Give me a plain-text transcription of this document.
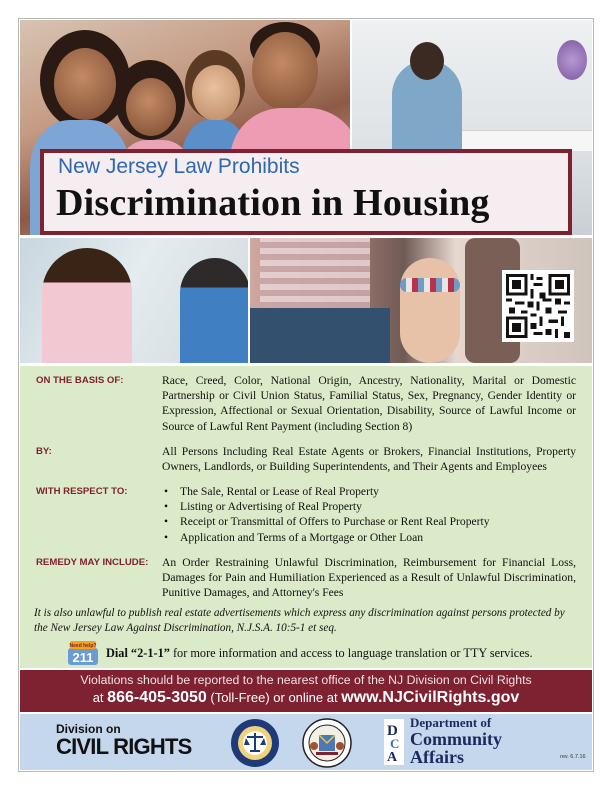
New Jersey Law Prohibits
Discrimination in Housing
ON THE BASIS OF:	Race, Creed, Color, National Origin, Ancestry, Nationality, Marital or Domestic Partnership or Civil Union Status, Familial Status, Sex, Pregnancy, Gender Identity or Expression, Affectional or Sexual Orientation, Disability, Source of Lawful Income or Source of Lawful Rent Payment (including Section 8)
BY:	All Persons Including Real Estate Agents or Brokers, Financial Institutions, Property Owners, Landlords, or Building Superintendents, and Their Agents and Employees
WITH RESPECT TO:
•	The Sale, Rental or Lease of Real Property
• Listing or Advertising of Real Property
• Receipt or Transmittal of Offers to Purchase or Rent Real Property
• Application and Terms of a Mortgage or Other Loan
REMEDY MAY INCLUDE: An Order Restraining Unlawful Discrimination, Reimbursement for Financial Loss, Damages for Pain and Humiliation Experienced as a Result of Unlawful Discrimination, Punitive Damages, and Attorney's Fees
It is also unlawful to publish real estate advertisements which express any discrimination against persons protected by the New Jersey Law Against Discrimination, N.J.S.A. 10:5-1 et seq.
Need help?
211 Dial “2-1-1” for more information and access to language translation or TTY services.
Violations should be reported to the nearest office of the NJ Division on Civil Rights
at 866-405-3050 (Toll-Free) or online at www.NJCivilRights.gov
Division on
CIVIL RIGHTS
D
C
A
Department of
Community
Affairs	rev. 6.7.16
